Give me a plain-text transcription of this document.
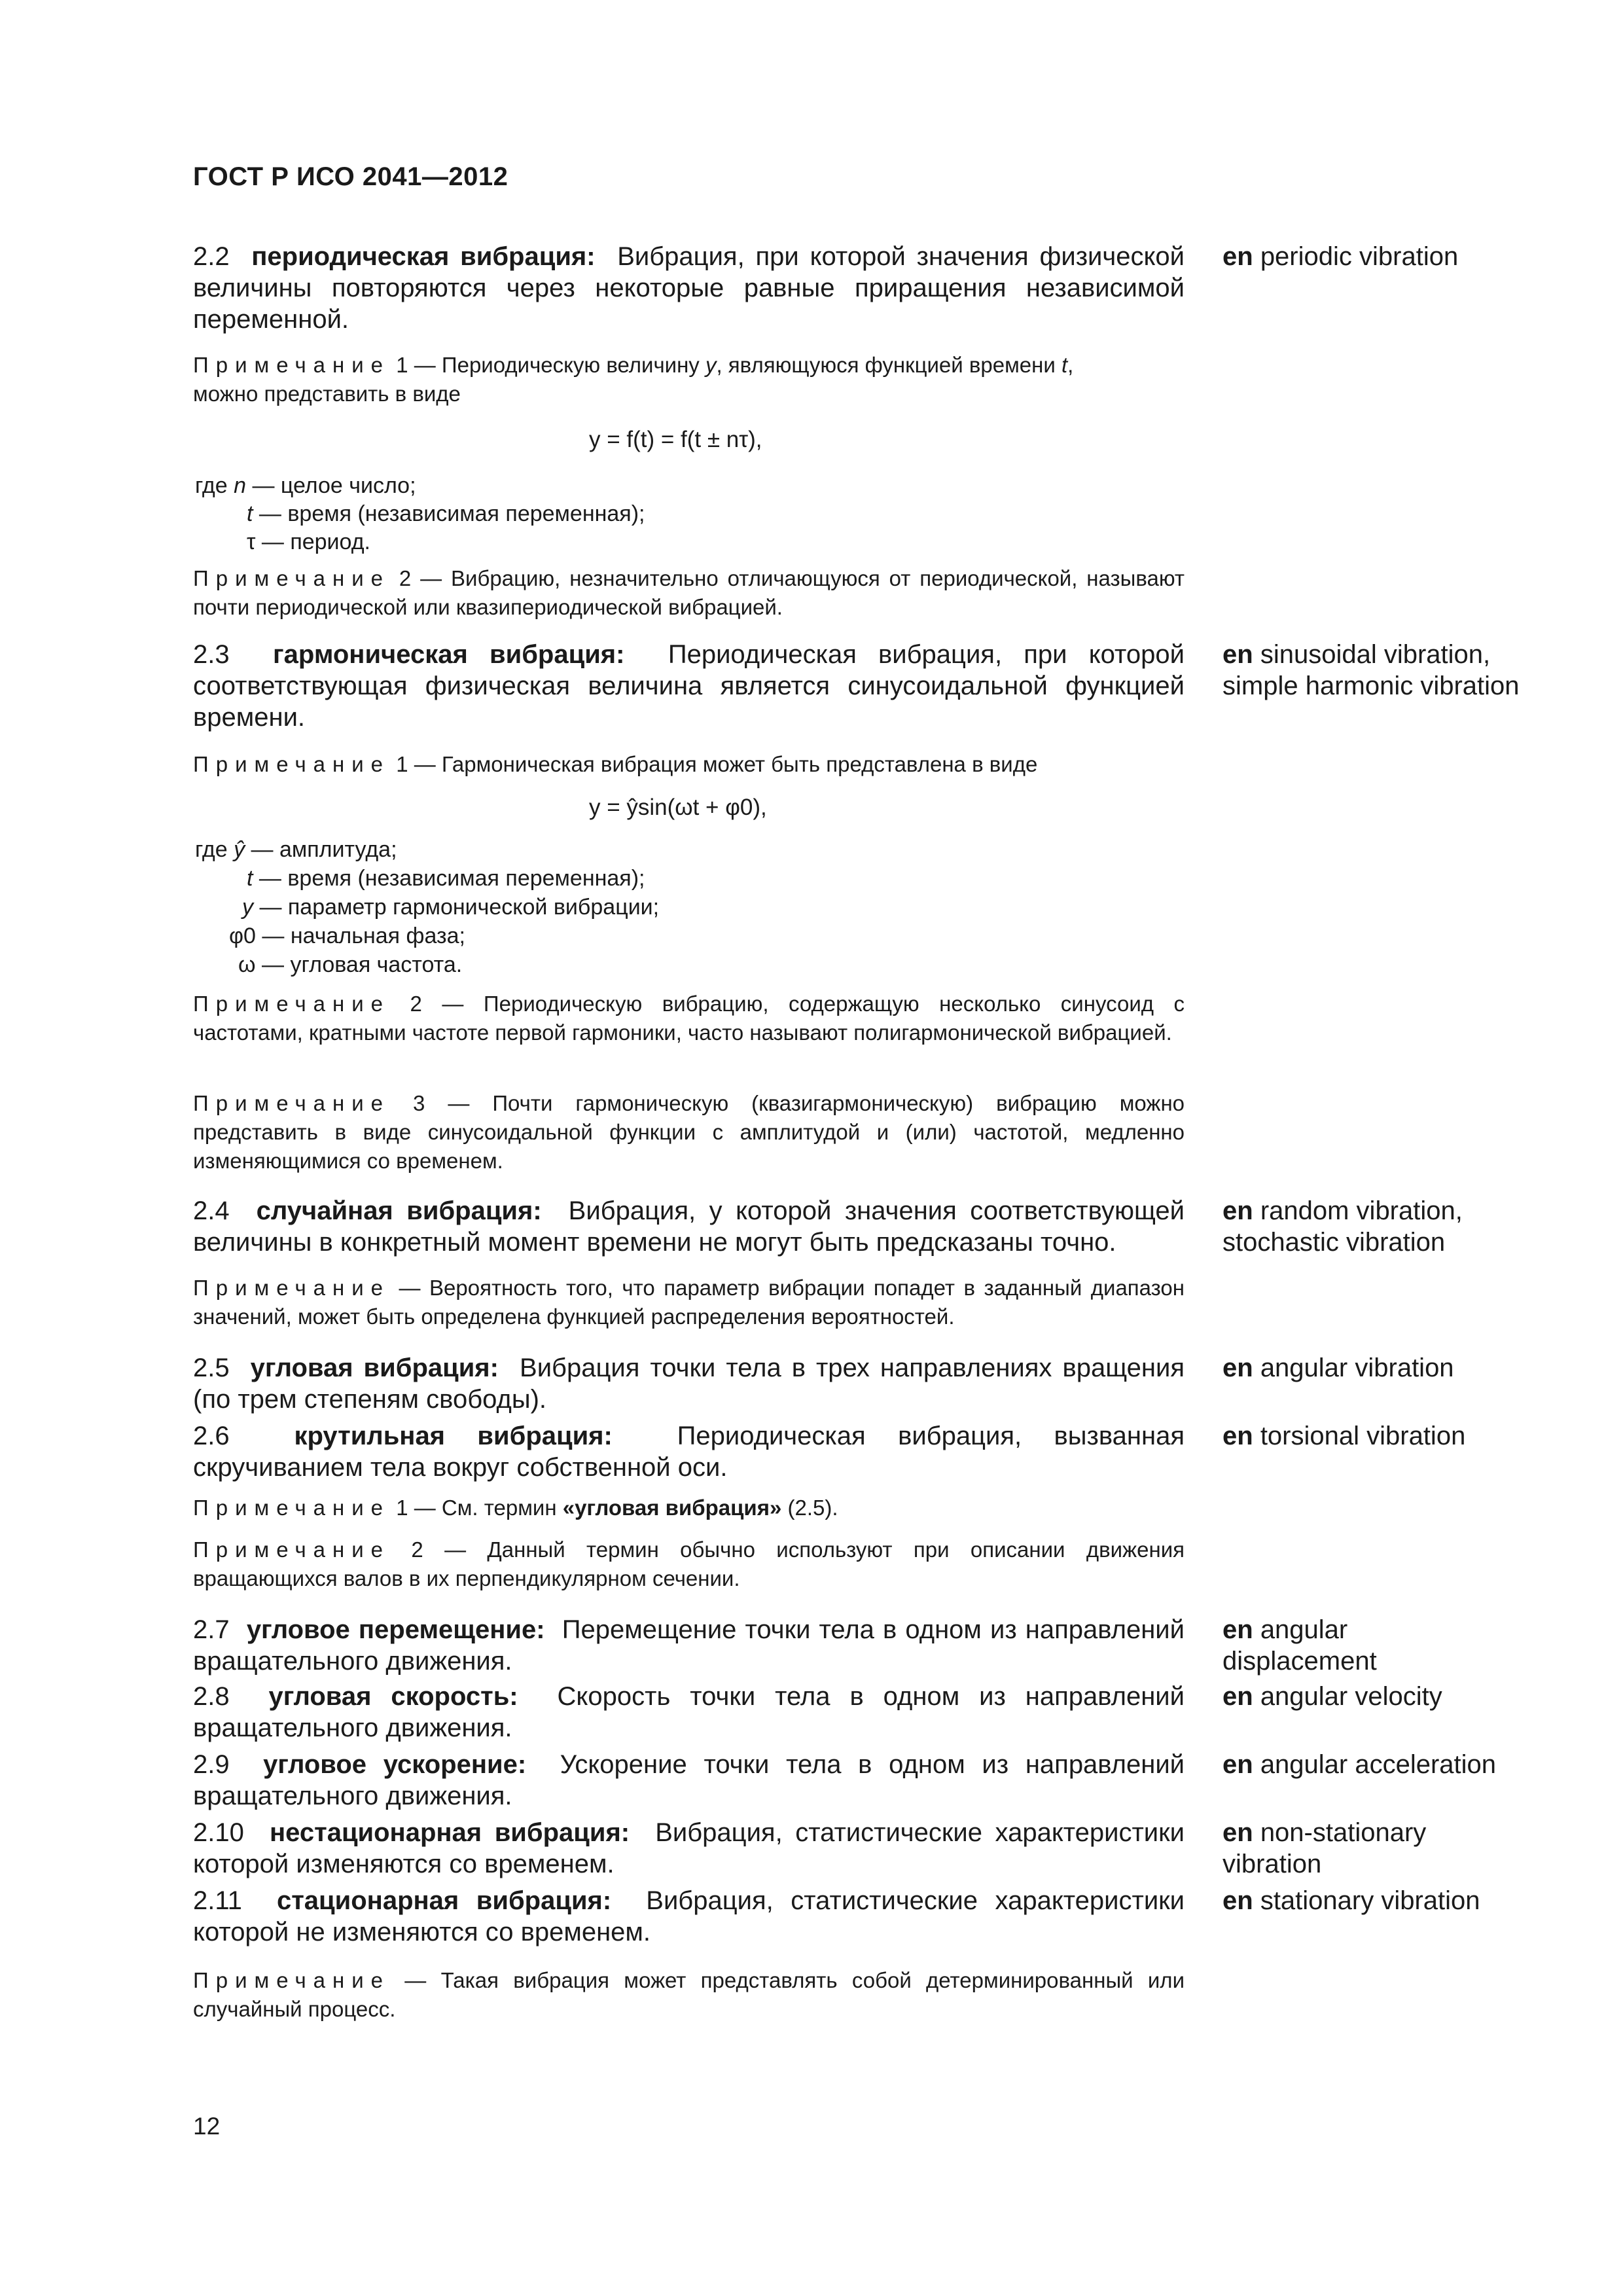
ГОСТ Р ИСО 2041—2012
2.2 периодическая вибрация: Вибрация, при которой значения физической величины повторяются через некоторые равные приращения независимой переменной.
en periodic vibration
Примечание 1 — Периодическую величину y, являющуюся функцией времени t,
можно представить в виде
y = f(t) = f(t ± nτ),
где n — целое число;
t — время (независимая переменная);
τ — период.
Примечание 2 — Вибрацию, незначительно отличающуюся от периодической, называют почти периодической или квазипериодической вибрацией.
2.3 гармоническая вибрация: Периодическая вибрация, при которой соответствующая физическая величина является синусоидальной функцией времени.
en sinusoidal vibration, simple harmonic vibration
Примечание 1 — Гармоническая вибрация может быть представлена в виде
y = ŷsin(ωt + φ0),
где ŷ — амплитуда;
t — время (независимая переменная);
y — параметр гармонической вибрации;
φ0 — начальная фаза;
ω — угловая частота.
Примечание 2 — Периодическую вибрацию, содержащую несколько синусоид с частотами, кратными частоте первой гармоники, часто называют полигармонической вибрацией.
Примечание 3 — Почти гармоническую (квазигармоническую) вибрацию можно представить в виде синусоидальной функции с амплитудой и (или) частотой, медленно изменяющимися со временем.
2.4 случайная вибрация: Вибрация, у которой значения соответствующей величины в конкретный момент времени не могут быть предсказаны точно.
en random vibration, stochastic vibration
Примечание — Вероятность того, что параметр вибрации попадет в заданный диапазон значений, может быть определена функцией распределения вероятностей.
2.5 угловая вибрация: Вибрация точки тела в трех направлениях вращения (по трем степеням свободы).
en angular vibration
2.6 крутильная вибрация: Периодическая вибрация, вызванная скручиванием тела вокруг собственной оси.
en torsional vibration
Примечание 1 — См. термин «угловая вибрация» (2.5).
Примечание 2 — Данный термин обычно используют при описании движения вращающихся валов в их перпендикулярном сечении.
2.7 угловое перемещение: Перемещение точки тела в одном из направлений вращательного движения.
en angular displacement
2.8 угловая скорость: Скорость точки тела в одном из направлений вращательного движения.
en angular velocity
2.9 угловое ускорение: Ускорение точки тела в одном из направлений вращательного движения.
en angular acceleration
2.10 нестационарная вибрация: Вибрация, статистические характеристики которой изменяются со временем.
en non-stationary vibration
2.11 стационарная вибрация: Вибрация, статистические характеристики которой не изменяются со временем.
en stationary vibration
Примечание — Такая вибрация может представлять собой детерминированный или случайный процесс.
12
